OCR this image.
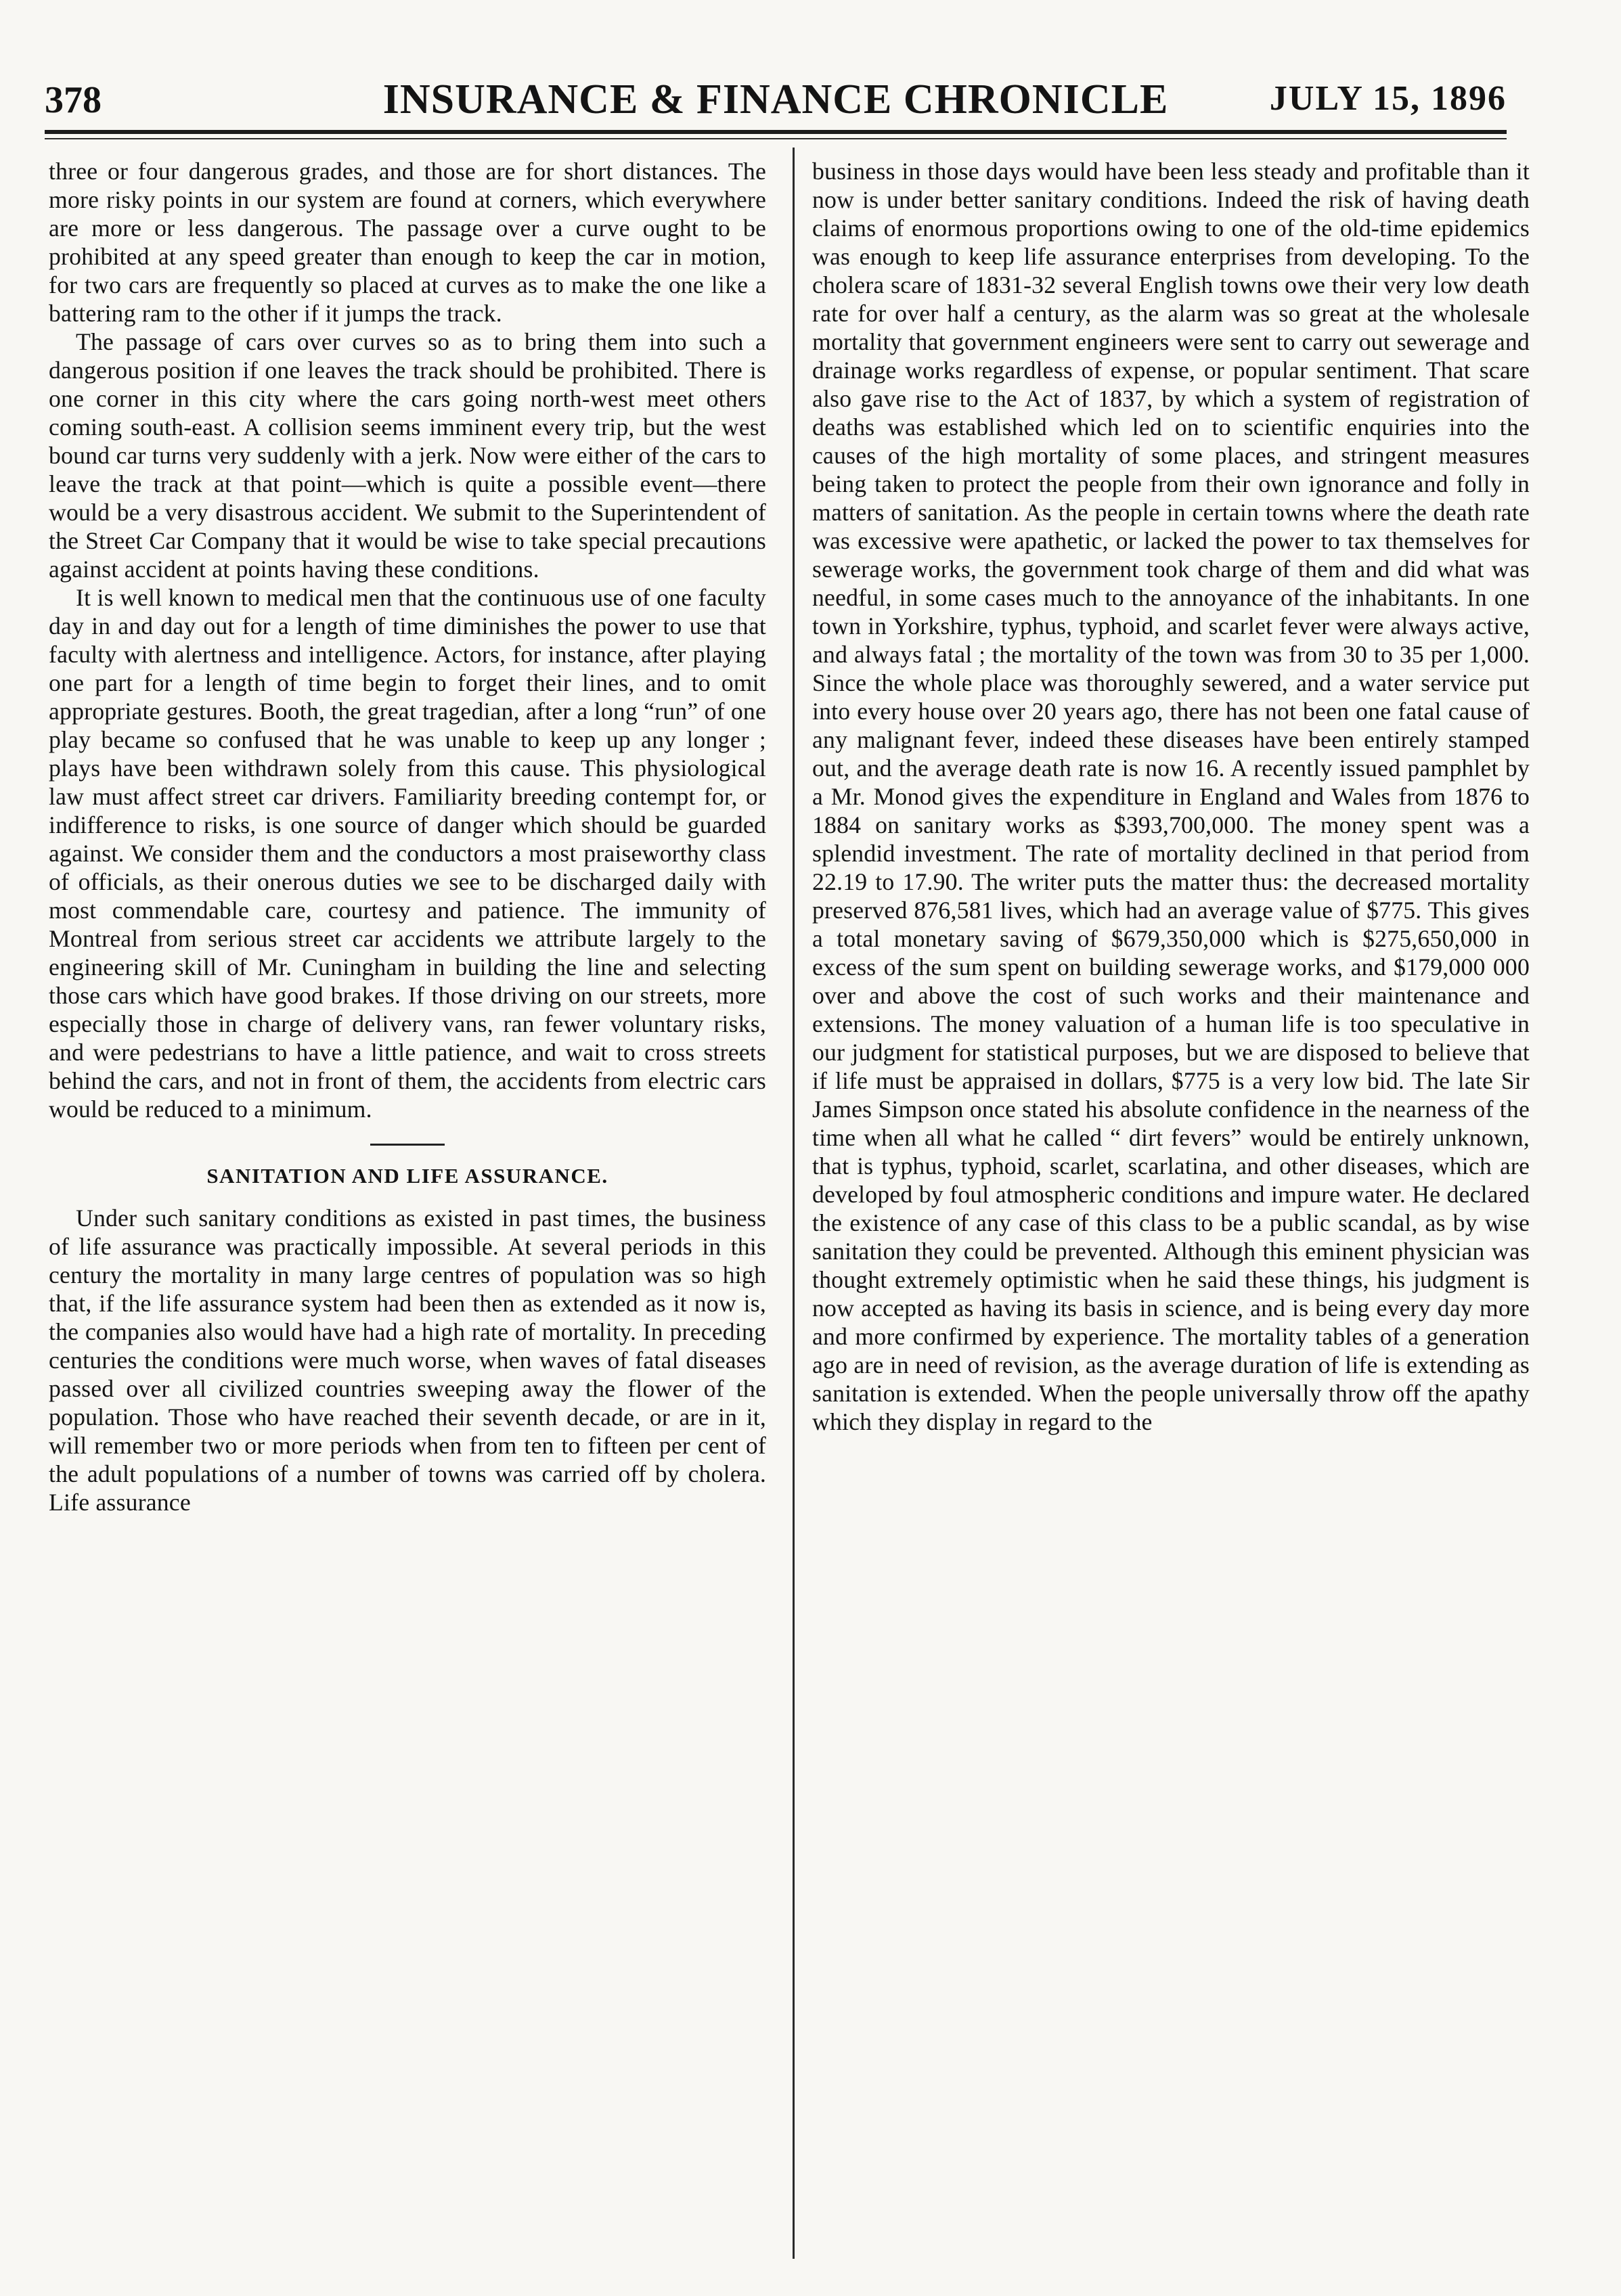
378	INSURANCE & FINANCE CHRONICLE	JULY 15, 1896

three or four dangerous grades, and those are for short distances. The more risky points in our system are found at corners, which everywhere are more or less dangerous. The passage over a curve ought to be prohibited at any speed greater than enough to keep the car in motion, for two cars are frequently so placed at curves as to make the one like a battering ram to the other if it jumps the track.

The passage of cars over curves so as to bring them into such a dangerous position if one leaves the track should be prohibited. There is one corner in this city where the cars going north-west meet others coming south-east. A collision seems imminent every trip, but the west bound car turns very suddenly with a jerk. Now were either of the cars to leave the track at that point—which is quite a possible event—there would be a very disastrous accident. We submit to the Superintendent of the Street Car Company that it would be wise to take special precautions against accident at points having these conditions.

It is well known to medical men that the continuous use of one faculty day in and day out for a length of time diminishes the power to use that faculty with alertness and intelligence. Actors, for instance, after playing one part for a length of time begin to forget their lines, and to omit appropriate gestures. Booth, the great tragedian, after a long “run” of one play became so confused that he was unable to keep up any longer ; plays have been withdrawn solely from this cause. This physiological law must affect street car drivers. Familiarity breeding contempt for, or indifference to risks, is one source of danger which should be guarded against. We consider them and the conductors a most praiseworthy class of officials, as their onerous duties we see to be discharged daily with most commendable care, courtesy and patience. The immunity of Montreal from serious street car accidents we attribute largely to the engineering skill of Mr. Cuningham in building the line and selecting those cars which have good brakes. If those driving on our streets, more especially those in charge of delivery vans, ran fewer voluntary risks, and were pedestrians to have a little patience, and wait to cross streets behind the cars, and not in front of them, the accidents from electric cars would be reduced to a minimum.

SANITATION AND LIFE ASSURANCE.

Under such sanitary conditions as existed in past times, the business of life assurance was practically impossible. At several periods in this century the mortality in many large centres of population was so high that, if the life assurance system had been then as extended as it now is, the companies also would have had a high rate of mortality. In preceding centuries the conditions were much worse, when waves of fatal diseases passed over all civilized countries sweeping away the flower of the population. Those who have reached their seventh decade, or are in it, will remember two or more periods when from ten to fifteen per cent of the adult populations of a number of towns was carried off by cholera. Life assurance

business in those days would have been less steady and profitable than it now is under better sanitary conditions. Indeed the risk of having death claims of enormous proportions owing to one of the old-time epidemics was enough to keep life assurance enterprises from developing. To the cholera scare of 1831-32 several English towns owe their very low death rate for over half a century, as the alarm was so great at the wholesale mortality that government engineers were sent to carry out sewerage and drainage works regardless of expense, or popular sentiment. That scare also gave rise to the Act of 1837, by which a system of registration of deaths was established which led on to scientific enquiries into the causes of the high mortality of some places, and stringent measures being taken to protect the people from their own ignorance and folly in matters of sanitation. As the people in certain towns where the death rate was excessive were apathetic, or lacked the power to tax themselves for sewerage works, the government took charge of them and did what was needful, in some cases much to the annoyance of the inhabitants. In one town in Yorkshire, typhus, typhoid, and scarlet fever were always active, and always fatal ; the mortality of the town was from 30 to 35 per 1,000. Since the whole place was thoroughly sewered, and a water service put into every house over 20 years ago, there has not been one fatal cause of any malignant fever, indeed these diseases have been entirely stamped out, and the average death rate is now 16. A recently issued pamphlet by a Mr. Monod gives the expenditure in England and Wales from 1876 to 1884 on sanitary works as $393,700,000. The money spent was a splendid investment. The rate of mortality declined in that period from 22.19 to 17.90. The writer puts the matter thus: the decreased mortality preserved 876,581 lives, which had an average value of $775. This gives a total monetary saving of $679,350,000 which is $275,650,000 in excess of the sum spent on building sewerage works, and $179,000 000 over and above the cost of such works and their maintenance and extensions. The money valuation of a human life is too speculative in our judgment for statistical purposes, but we are disposed to believe that if life must be appraised in dollars, $775 is a very low bid. The late Sir James Simpson once stated his absolute confidence in the nearness of the time when all what he called “ dirt fevers” would be entirely unknown, that is typhus, typhoid, scarlet, scarlatina, and other diseases, which are developed by foul atmospheric conditions and impure water. He declared the existence of any case of this class to be a public scandal, as by wise sanitation they could be prevented. Although this eminent physician was thought extremely optimistic when he said these things, his judgment is now accepted as having its basis in science, and is being every day more and more confirmed by experience. The mortality tables of a generation ago are in need of revision, as the average duration of life is extending as sanitation is extended. When the people universally throw off the apathy which they display in regard to the
